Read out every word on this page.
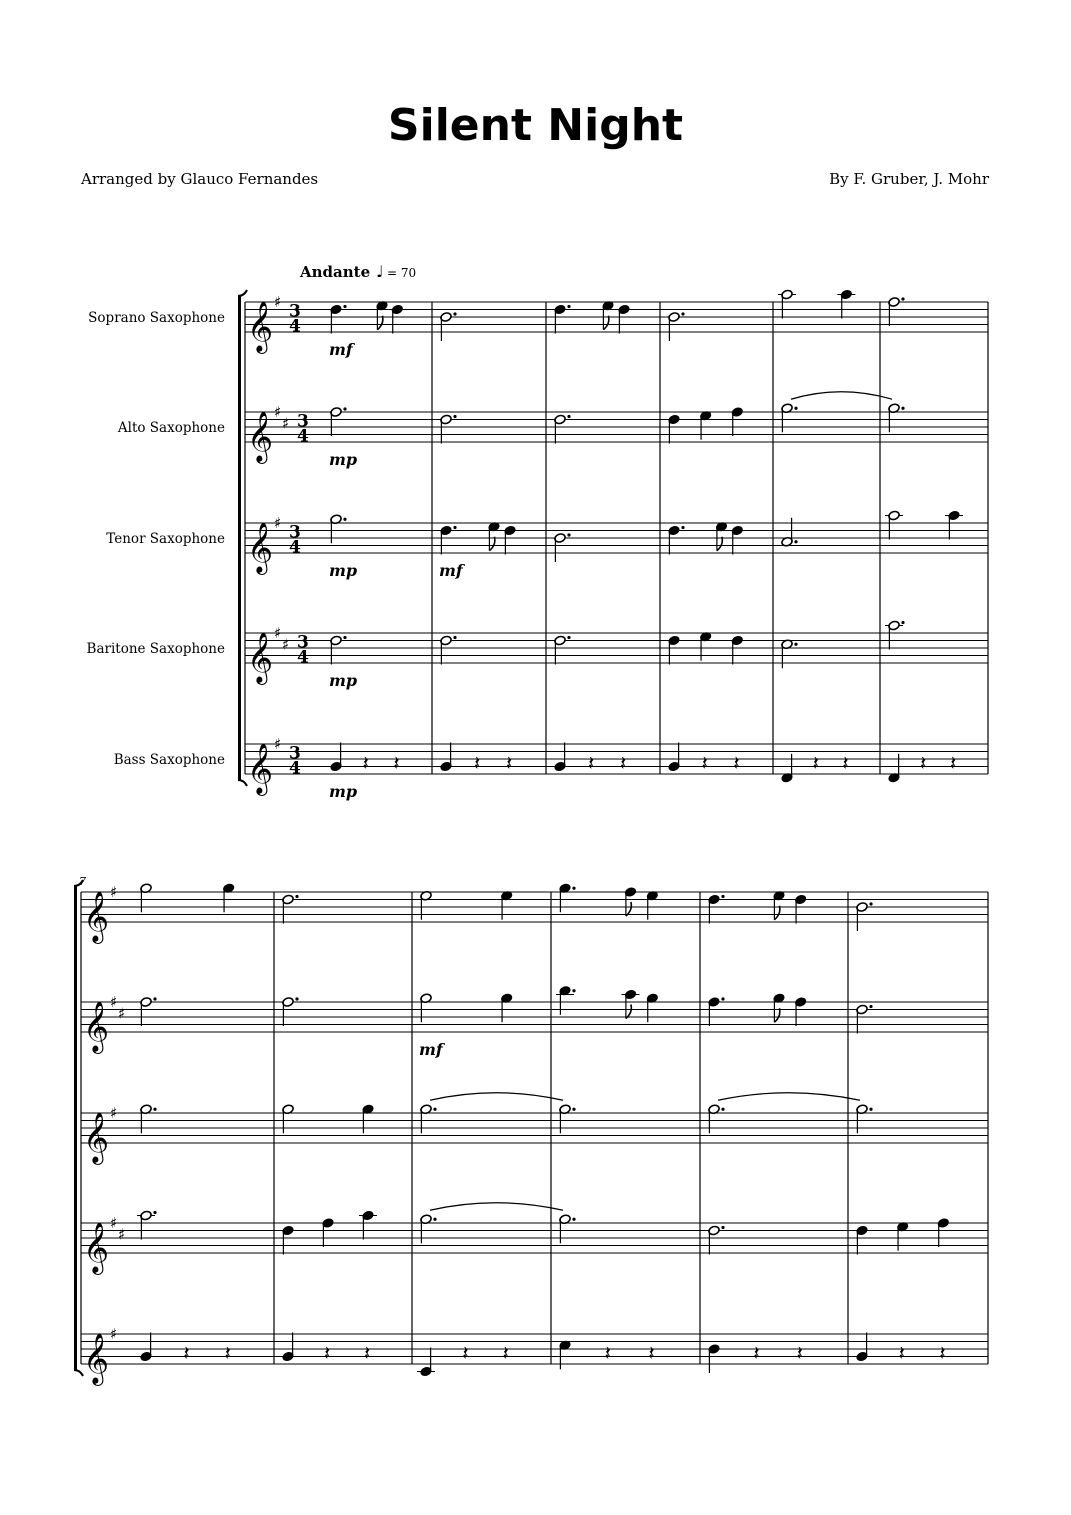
Silent Night
Arranged by Glauco Fernandes	By F. Gruber, J. Mohr
Andante ♩ = 70
Soprano Saxophone 𝄞 ♯ 3
4
Alto Saxophone 𝄞 ♯
♯ 3
4
Tenor Saxophone 𝄞 ♯ 3
4
Baritone Saxophone 𝄞 ♯
♯ 3
4
Bass Saxophone 𝄞 ♯ 3
4
mf
mp
mp
mp
𝄽 𝄽
mp
mf
𝄽 𝄽	𝄽 𝄽	𝄽 𝄽	𝄽 𝄽	𝄽 𝄽
7
𝄞 ♯
𝄞 ♯
♯
𝄞 ♯
𝄞 ♯
♯
𝄞 ♯
𝄽 𝄽	𝄽 𝄽
mf
𝄽 𝄽	𝄽 𝄽	𝄽 𝄽	𝄽 𝄽
